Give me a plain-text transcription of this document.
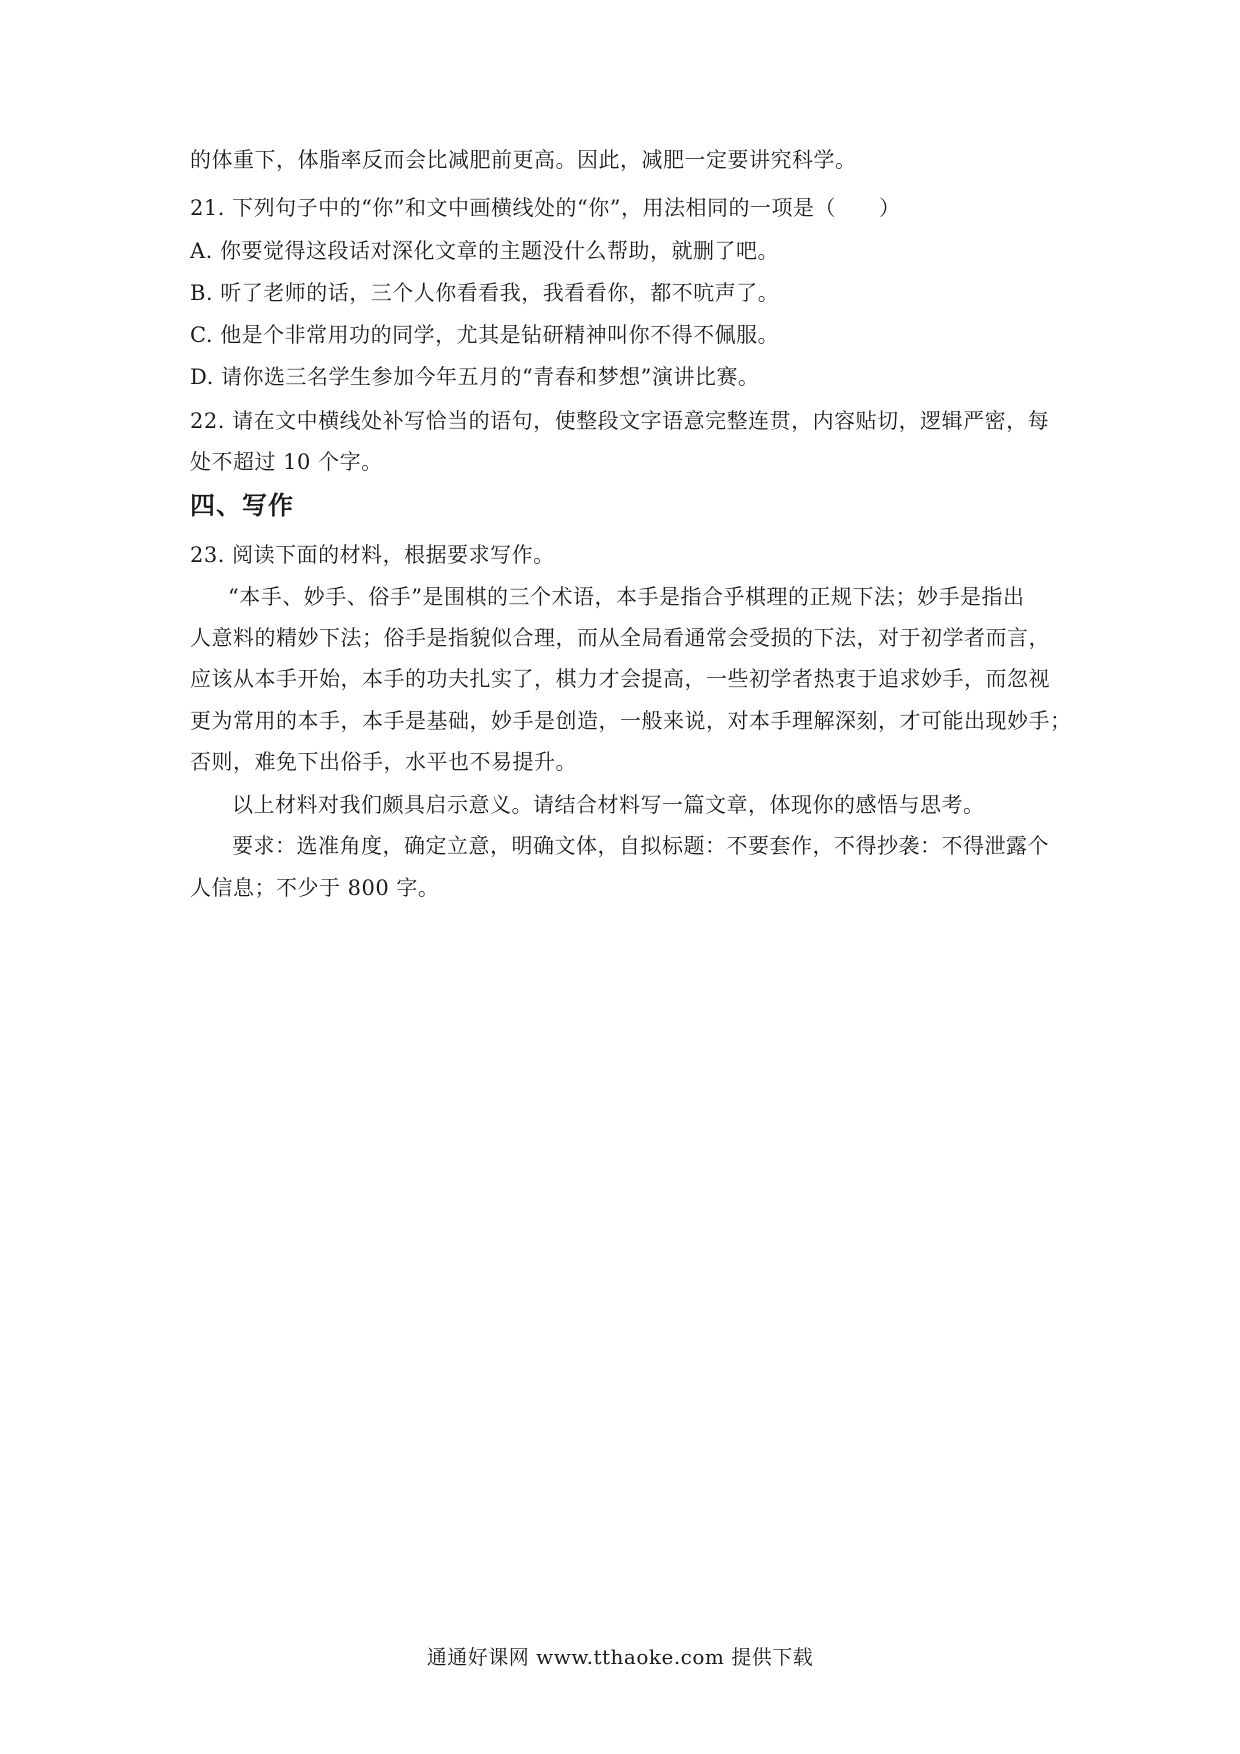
的体重下，体脂率反而会比减肥前更高。因此，减肥一定要讲究科学。
21. 下列句子中的“你”和文中画横线处的“你”，用法相同的一项是（　　）
A. 你要觉得这段话对深化文章的主题没什么帮助，就删了吧。
B. 听了老师的话，三个人你看看我，我看看你，都不吭声了。
C. 他是个非常用功的同学，尤其是钻研精神叫你不得不佩服。
D. 请你选三名学生参加今年五月的“青春和梦想”演讲比赛。
22. 请在文中横线处补写恰当的语句，使整段文字语意完整连贯，内容贴切，逻辑严密，每
处不超过 10 个字。
四、写作
23. 阅读下面的材料，根据要求写作。
“本手、妙手、俗手”是围棋的三个术语，本手是指合乎棋理的正规下法；妙手是指出
人意料的精妙下法；俗手是指貌似合理，而从全局看通常会受损的下法，对于初学者而言，
应该从本手开始，本手的功夫扎实了，棋力才会提高，一些初学者热衷于追求妙手，而忽视
更为常用的本手，本手是基础，妙手是创造，一般来说，对本手理解深刻，才可能出现妙手；
否则，难免下出俗手，水平也不易提升。
以上材料对我们颇具启示意义。请结合材料写一篇文章，体现你的感悟与思考。
要求：选准角度，确定立意，明确文体，自拟标题：不要套作，不得抄袭：不得泄露个
人信息；不少于 800 字。
通通好课网 www.tthaoke.com 提供下载
